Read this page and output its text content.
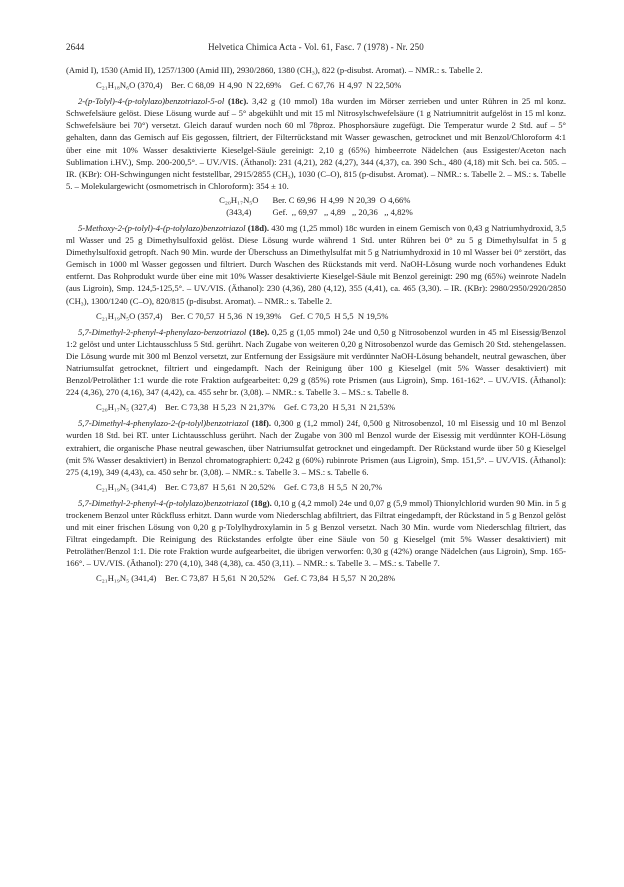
2644	Helvetica Chimica Acta - Vol. 61, Fasc. 7 (1978) - Nr. 250

(Amid I), 1530 (Amid II), 1257/1300 (Amid III), 2930/2860, 1380 (CH₃), 822 (p-disubst. Aromat). – NMR.: s. Tabelle 2.

C₂₁H₁₈N₆O (370,4) Ber. C 68,09  H 4,90  N 22,69% Gef. C 67,76  H 4,97  N 22,50%

2-(p-Tolyl)-4-(p-tolylazo)benzotriazol-5-ol (18c). 3,42 g (10 mmol) 18a wurden im Mörser zerrieben und unter Rühren in 25 ml konz. Schwefelsäure gelöst. Diese Lösung wurde auf – 5° abgekühlt und mit 15 ml Nitrosylschwefelsäure (1 g Natriumnitrit aufgelöst in 15 ml konz. Schwefelsäure bei 70°) versetzt. Gleich darauf wurden noch 60 ml 78proz. Phosphorsäure zugefügt. Die Temperatur wurde 2 Std. auf – 5° gehalten, dann das Gemisch auf Eis gegossen, filtriert, der Filterrückstand mit Wasser gewaschen, getrocknet und mit Benzol/Chloroform 4:1 über eine mit 10% Wasser desaktivierte Kieselgel-Säule gereinigt: 2,10 g (65%) himbeerrote Nädelchen (aus Essigester/Aceton nach Sublimation i.HV.), Smp. 200-200,5°. – UV./VIS. (Äthanol): 231 (4,21), 282 (4,27), 344 (4,37), ca. 390 Sch., 480 (4,18) mit Sch. bei ca. 505. – IR. (KBr): OH-Schwingungen nicht feststellbar, 2915/2855 (CH₃), 1030 (C–O), 815 (p-disubst. Aromat). – NMR.: s. Tabelle 2. – MS.: s. Tabelle 5. – Molekulargewicht (osmometrisch in Chloroform): 354 ± 10.

C₂₀H₁₇N₅O
(343,4)
Ber. C 69,96  H 4,99  N 20,39  O 4,66%
Gef.  ,, 69,97   ,, 4,89   ,, 20,36   ,, 4,82%

5-Methoxy-2-(p-tolyl)-4-(p-tolylazo)benzotriazol (18d). 430 mg (1,25 mmol) 18c wurden in einem Gemisch von 0,43 g Natriumhydroxid, 3,5 ml Wasser und 25 g Dimethylsulfoxid gelöst. Diese Lösung wurde während 1 Std. unter Rühren bei 0° zu 5 g Dimethylsulfat in 5 g Dimethylsulfoxid getropft. Nach 90 Min. wurde der Überschuss an Dimethylsulfat mit 5 g Natriumhydroxid in 10 ml Wasser bei 0° zerstört, das Gemisch in 1000 ml Wasser gegossen und filtriert. Durch Waschen des Rückstands mit verd. NaOH-Lösung wurde noch vorhandenes Edukt entfernt. Das Rohprodukt wurde über eine mit 10% Wasser desaktivierte Kieselgel-Säule mit Benzol gereinigt: 290 mg (65%) weinrote Nadeln (aus Ligroin), Smp. 124,5-125,5°. – UV./VIS. (Äthanol): 230 (4,36), 280 (4,12), 355 (4,41), ca. 465 (3,30). – IR. (KBr): 2980/2950/2920/2850 (CH₃), 1300/1240 (C–O), 820/815 (p-disubst. Aromat). – NMR.: s. Tabelle 2.

C₂₁H₁₉N₅O (357,4) Ber. C 70,57  H 5,36  N 19,39% Gef. C 70,5  H 5,5  N 19,5%

5,7-Dimethyl-2-phenyl-4-phenylazo-benzotriazol (18e). 0,25 g (1,05 mmol) 24e und 0,50 g Nitrosobenzol wurden in 45 ml Eisessig/Benzol 1:2 gelöst und unter Lichtausschluss 5 Std. gerührt. Nach Zugabe von weiteren 0,20 g Nitrosobenzol wurde das Gemisch 20 Std. stehengelassen. Die Lösung wurde mit 300 ml Benzol versetzt, zur Entfernung der Essigsäure mit verdünnter NaOH-Lösung behandelt, neutral gewaschen, über Natriumsulfat getrocknet, filtriert und eingedampft. Nach der Reinigung über 100 g Kieselgel (mit 5% Wasser desaktiviert) mit Benzol/Petroläther 1:1 wurde die rote Fraktion aufgearbeitet: 0,29 g (85%) rote Prismen (aus Ligroin), Smp. 161-162°. – UV./VIS. (Äthanol): 224 (4,36), 270 (4,16), 347 (4,42), ca. 455 sehr br. (3,08). – NMR.: s. Tabelle 3. – MS.: s. Tabelle 8.

C₂₀H₁₇N₅ (327,4) Ber. C 73,38  H 5,23  N 21,37% Gef. C 73,20  H 5,31  N 21,53%

5,7-Dimethyl-4-phenylazo-2-(p-tolyl)benzotriazol (18f). 0,300 g (1,2 mmol) 24f, 0,500 g Nitrosobenzol, 10 ml Eisessig und 10 ml Benzol wurden 18 Std. bei RT. unter Lichtausschluss gerührt. Nach der Zugabe von 300 ml Benzol wurde der Eisessig mit verdünnter KOH-Lösung extrahiert, die organische Phase neutral gewaschen, über Natriumsulfat getrocknet und eingedampft. Der Rückstand wurde über 50 g Kieselgel (mit 5% Wasser desaktiviert) in Benzol chromatographiert: 0,242 g (60%) rubinrote Prismen (aus Ligroin), Smp. 151,5°. – UV./VIS. (Äthanol): 275 (4,19), 349 (4,43), ca. 450 sehr br. (3,08). – NMR.: s. Tabelle 3. – MS.: s. Tabelle 6.

C₂₁H₁₉N₅ (341,4) Ber. C 73,87  H 5,61  N 20,52% Gef. C 73,8  H 5,5  N 20,7%

5,7-Dimethyl-2-phenyl-4-(p-tolylazo)benzotriazol (18g). 0,10 g (4,2 mmol) 24e und 0,07 g (5,9 mmol) Thionylchlorid wurden 90 Min. in 5 g trockenem Benzol unter Rückfluss erhitzt. Dann wurde vom Niederschlag abfiltriert, das Filtrat eingedampft, der Rückstand in 5 g Benzol gelöst und mit einer frischen Lösung von 0,20 g p-Tolylhydroxylamin in 5 g Benzol versetzt. Nach 30 Min. wurde vom Niederschlag filtriert, das Filtrat eingedampft. Die Reinigung des Rückstandes erfolgte über eine Säule von 50 g Kieselgel (mit 5% Wasser desaktiviert) mit Petroläther/Benzol 1:1. Die rote Fraktion wurde aufgearbeitet, die übrigen verworfen: 0,30 g (42%) orange Nädelchen (aus Ligroin), Smp. 165-166°. – UV./VIS. (Äthanol): 270 (4,10), 348 (4,38), ca. 450 (3,11). – NMR.: s. Tabelle 3. – MS.: s. Tabelle 7.

C₂₁H₁₉N₅ (341,4) Ber. C 73,87  H 5,61  N 20,52% Gef. C 73,84  H 5,57  N 20,28%
